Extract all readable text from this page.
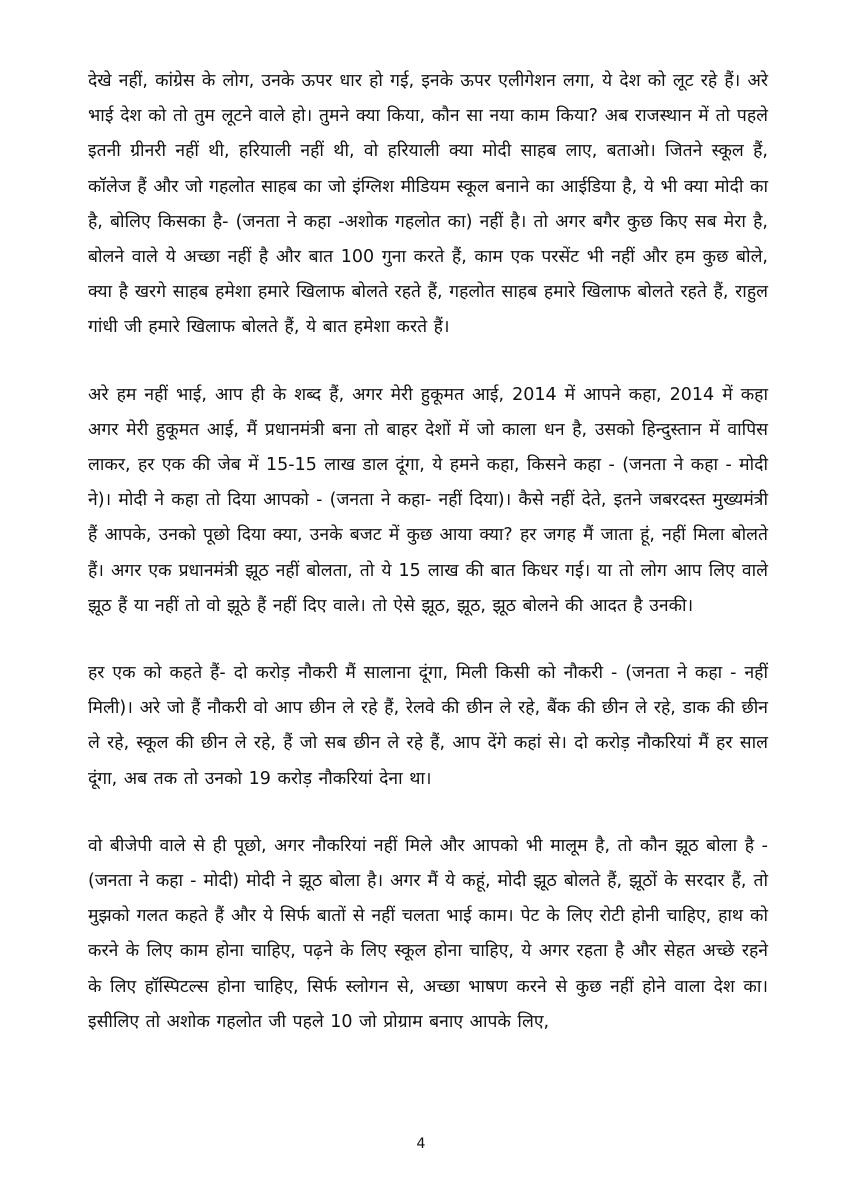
देखे नहीं, कांग्रेस के लोग, उनके ऊपर धार हो गई, इनके ऊपर एलीगेशन लगा, ये देश को लूट रहे हैं। अरे भाई देश को तो तुम लूटने वाले हो। तुमने क्या किया, कौन सा नया काम किया? अब राजस्थान में तो पहले इतनी ग्रीनरी नहीं थी, हरियाली नहीं थी, वो हरियाली क्या मोदी साहब लाए, बताओ। जितने स्कूल हैं, कॉलेज हैं और जो गहलोत साहब का जो इंग्लिश मीडियम स्कूल बनाने का आईडिया है, ये भी क्या मोदी का है, बोलिए किसका है- (जनता ने कहा -अशोक गहलोत का) नहीं है। तो अगर बगैर कुछ किए सब मेरा है, बोलने वाले ये अच्छा नहीं है और बात 100 गुना करते हैं, काम एक परसेंट भी नहीं और हम कुछ बोले, क्या है खरगे साहब हमेशा हमारे खिलाफ बोलते रहते हैं, गहलोत साहब हमारे खिलाफ बोलते रहते हैं, राहुल गांधी जी हमारे खिलाफ बोलते हैं, ये बात हमेशा करते हैं।

अरे हम नहीं भाई, आप ही के शब्द हैं, अगर मेरी हुकूमत आई, 2014 में आपने कहा, 2014 में कहा अगर मेरी हुकूमत आई, मैं प्रधानमंत्री बना तो बाहर देशों में जो काला धन है, उसको हिन्दुस्तान में वापिस लाकर, हर एक की जेब में 15-15 लाख डाल दूंगा, ये हमने कहा, किसने कहा - (जनता ने कहा - मोदी ने)। मोदी ने कहा तो दिया आपको - (जनता ने कहा- नहीं दिया)। कैसे नहीं देते, इतने जबरदस्त मुख्यमंत्री हैं आपके, उनको पूछो दिया क्या, उनके बजट में कुछ आया क्या? हर जगह मैं जाता हूं, नहीं मिला बोलते हैं। अगर एक प्रधानमंत्री झूठ नहीं बोलता, तो ये 15 लाख की बात किधर गई। या तो लोग आप लिए वाले झूठ हैं या नहीं तो वो झूठे हैं नहीं दिए वाले। तो ऐसे झूठ, झूठ, झूठ बोलने की आदत है उनकी।

हर एक को कहते हैं- दो करोड़ नौकरी मैं सालाना दूंगा, मिली किसी को नौकरी - (जनता ने कहा - नहीं मिली)। अरे जो हैं नौकरी वो आप छीन ले रहे हैं, रेलवे की छीन ले रहे, बैंक की छीन ले रहे, डाक की छीन ले रहे, स्कूल की छीन ले रहे, हैं जो सब छीन ले रहे हैं, आप देंगे कहां से। दो करोड़ नौकरियां मैं हर साल दूंगा, अब तक तो उनको 19 करोड़ नौकरियां देना था।

वो बीजेपी वाले से ही पूछो, अगर नौकरियां नहीं मिले और आपको भी मालूम है, तो कौन झूठ बोला है - (जनता ने कहा - मोदी) मोदी ने झूठ बोला है। अगर मैं ये कहूं, मोदी झूठ बोलते हैं, झूठों के सरदार हैं, तो मुझको गलत कहते हैं और ये सिर्फ बातों से नहीं चलता भाई काम। पेट के लिए रोटी होनी चाहिए, हाथ को करने के लिए काम होना चाहिए, पढ़ने के लिए स्कूल होना चाहिए, ये अगर रहता है और सेहत अच्छे रहने के लिए हॉस्पिटल्स होना चाहिए, सिर्फ स्लोगन से, अच्छा भाषण करने से कुछ नहीं होने वाला देश का। इसीलिए तो अशोक गहलोत जी पहले 10 जो प्रोग्राम बनाए आपके लिए,

4
